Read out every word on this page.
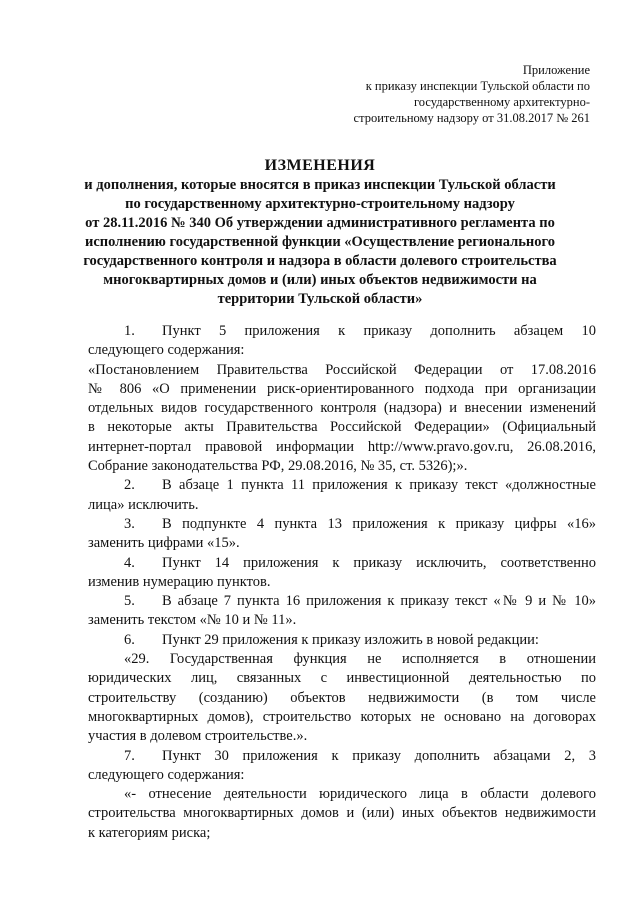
Приложение
к приказу инспекции Тульской области по
государственному архитектурно-
строительному надзору от 31.08.2017 № 261
ИЗМЕНЕНИЯ
и дополнения, которые вносятся в приказ инспекции Тульской области
по государственному архитектурно-строительному надзору
от 28.11.2016 № 340 Об утверждении административного регламента по
исполнению государственной функции «Осуществление регионального
государственного контроля и надзора в области долевого строительства
многоквартирных домов и (или) иных объектов недвижимости на
территории Тульской области»
1. Пункт 5 приложения к приказу дополнить абзацем 10
следующего содержания:
«Постановлением Правительства Российской Федерации от 17.08.2016
№ 806 «О применении риск-ориентированного подхода при организации
отдельных видов государственного контроля (надзора) и внесении изменений
в некоторые акты Правительства Российской Федерации» (Официальный
интернет-портал правовой информации http://www.pravo.gov.ru, 26.08.2016,
Собрание законодательства РФ, 29.08.2016, № 35, ст. 5326);».
2. В абзаце 1 пункта 11 приложения к приказу текст «должностные
лица» исключить.
3. В подпункте 4 пункта 13 приложения к приказу цифры «16»
заменить цифрами «15».
4. Пункт 14 приложения к приказу исключить, соответственно
изменив нумерацию пунктов.
5. В абзаце 7 пункта 16 приложения к приказу текст «№ 9 и № 10»
заменить текстом «№ 10 и № 11».
6. Пункт 29 приложения к приказу изложить в новой редакции:
«29. Государственная функция не исполняется в отношении
юридических лиц, связанных с инвестиционной деятельностью по
строительству (созданию) объектов недвижимости (в том числе
многоквартирных домов), строительство которых не основано на договорах
участия в долевом строительстве.».
7. Пункт 30 приложения к приказу дополнить абзацами 2, 3
следующего содержания:
«- отнесение деятельности юридического лица в области долевого
строительства многоквартирных домов и (или) иных объектов недвижимости
к категориям риска;
